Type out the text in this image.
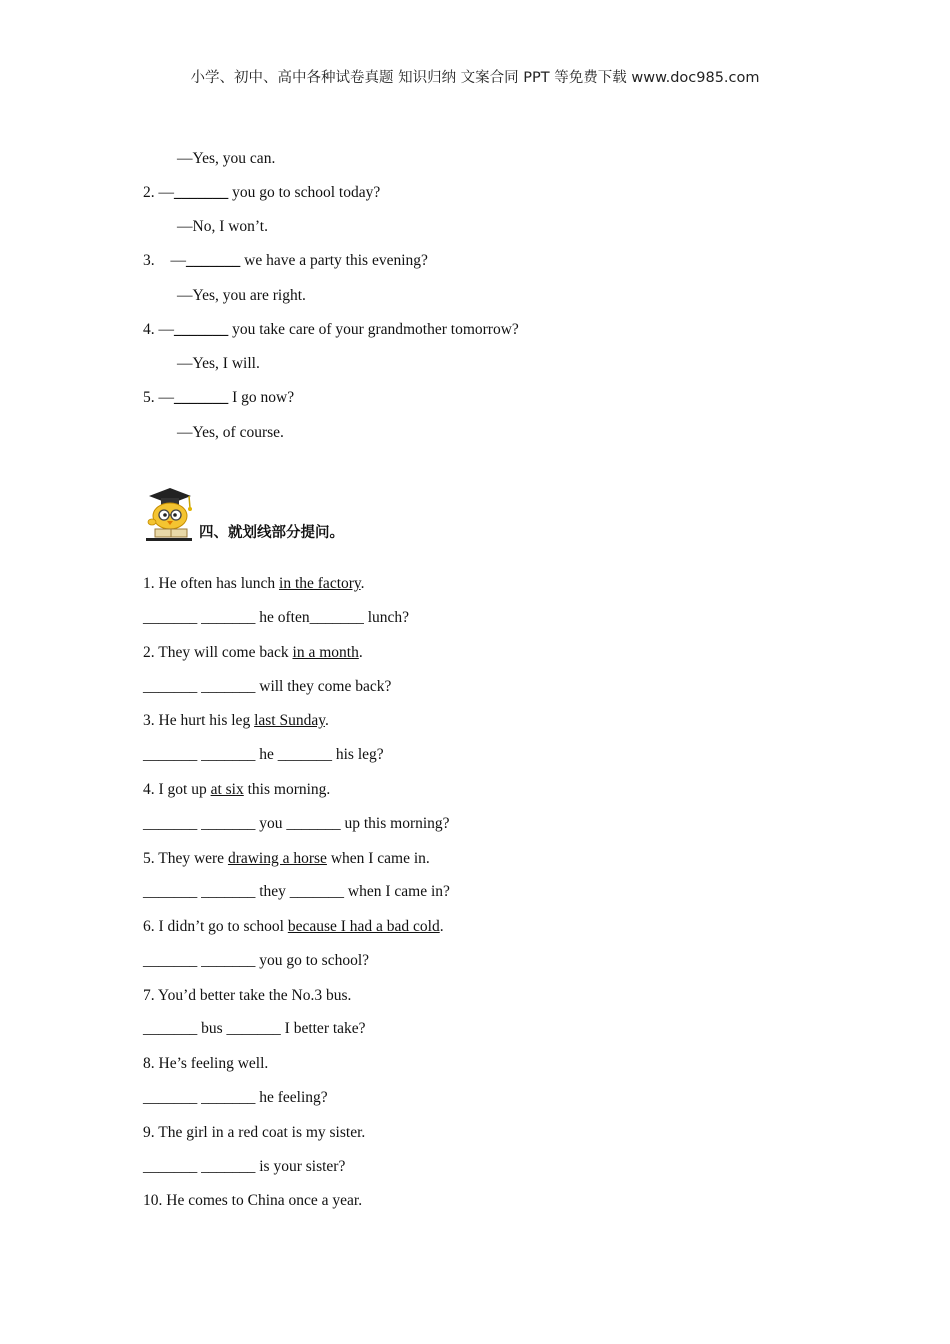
小学、初中、高中各种试卷真题 知识归纳 文案合同 PPT 等免费下载 www.doc985.com
—Yes, you can.
2. —_______ you go to school today?
—No, I won’t.
3. —_______ we have a party this evening?
—Yes, you are right.
4. —_______ you take care of your grandmother tomorrow?
—Yes, I will.
5. —_______ I go now?
—Yes, of course.
四、就划线部分提问。
1. He often has lunch in the factory.
_______ _______ he often_______ lunch?
2. They will come back in a month.
_______ _______ will they come back?
3. He hurt his leg last Sunday.
_______ _______ he _______ his leg?
4. I got up at six this morning.
_______ _______ you _______ up this morning?
5. They were drawing a horse when I came in.
_______ _______ they _______ when I came in?
6. I didn’t go to school because I had a bad cold.
_______ _______ you go to school?
7. You’d better take the No.3 bus.
_______ bus _______ I better take?
8. He’s feeling well.
_______ _______ he feeling?
9. The girl in a red coat is my sister.
_______ _______ is your sister?
10. He comes to China once a year.
